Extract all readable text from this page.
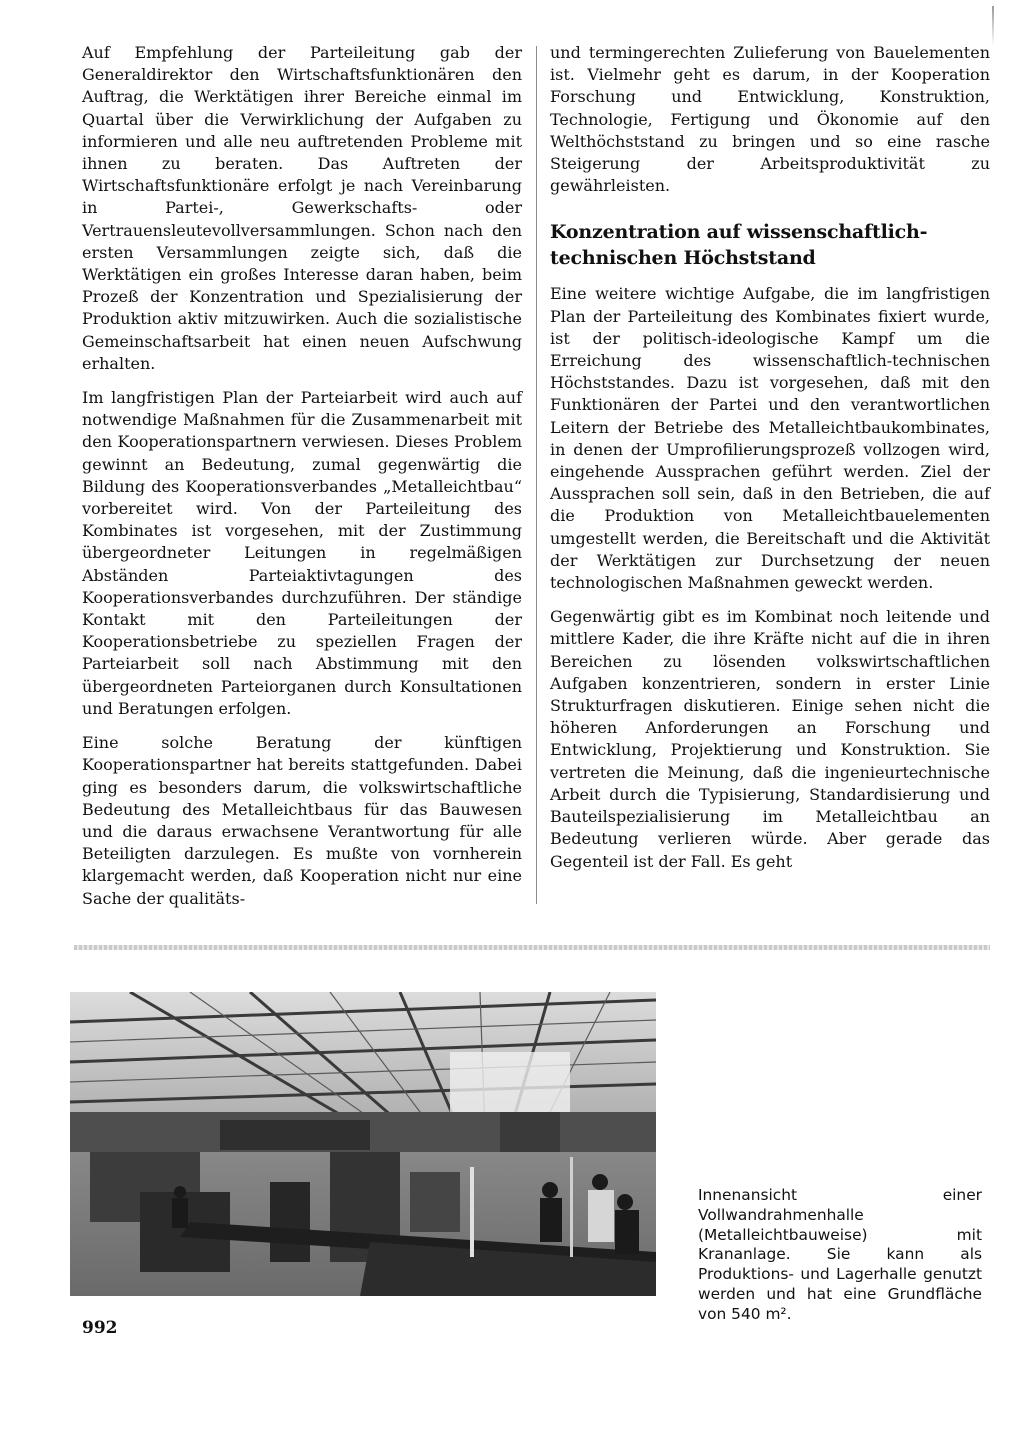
Auf Empfehlung der Parteileitung gab der Generaldirektor den Wirtschaftsfunktionären den Auftrag, die Werktätigen ihrer Bereiche einmal im Quartal über die Verwirklichung der Aufgaben zu informieren und alle neu auftretenden Probleme mit ihnen zu beraten. Das Auftreten der Wirtschaftsfunktionäre erfolgt je nach Vereinbarung in Partei-, Gewerkschafts- oder Vertrauensleutevollversammlungen. Schon nach den ersten Versammlungen zeigte sich, daß die Werktätigen ein großes Interesse daran haben, beim Prozeß der Konzentration und Spezialisierung der Produktion aktiv mitzuwirken. Auch die sozialistische Gemeinschaftsarbeit hat einen neuen Aufschwung erhalten.

Im langfristigen Plan der Parteiarbeit wird auch auf notwendige Maßnahmen für die Zusammenarbeit mit den Kooperationspartnern verwiesen. Dieses Problem gewinnt an Bedeutung, zumal gegenwärtig die Bildung des Kooperationsverbandes „Metalleichtbau“ vorbereitet wird. Von der Parteileitung des Kombinates ist vorgesehen, mit der Zustimmung übergeordneter Leitungen in regelmäßigen Abständen Parteiaktivtagungen des Kooperationsverbandes durchzuführen. Der ständige Kontakt mit den Parteileitungen der Kooperationsbetriebe zu speziellen Fragen der Parteiarbeit soll nach Abstimmung mit den übergeordneten Parteiorganen durch Konsultationen und Beratungen erfolgen.

Eine solche Beratung der künftigen Kooperationspartner hat bereits stattgefunden. Dabei ging es besonders darum, die volkswirtschaftliche Bedeutung des Metalleichtbaus für das Bauwesen und die daraus erwachsene Verantwortung für alle Beteiligten darzulegen. Es mußte von vornherein klargemacht werden, daß Kooperation nicht nur eine Sache der qualitäts-

und termingerechten Zulieferung von Bauelementen ist. Vielmehr geht es darum, in der Kooperation Forschung und Entwicklung, Konstruktion, Technologie, Fertigung und Ökonomie auf den Welthöchststand zu bringen und so eine rasche Steigerung der Arbeitsproduktivität zu gewährleisten.

Konzentration auf wissenschaftlich-technischen Höchststand

Eine weitere wichtige Aufgabe, die im langfristigen Plan der Parteileitung des Kombinates fixiert wurde, ist der politisch-ideologische Kampf um die Erreichung des wissenschaftlich-technischen Höchststandes. Dazu ist vorgesehen, daß mit den Funktionären der Partei und den verantwortlichen Leitern der Betriebe des Metalleichtbaukombinates, in denen der Umprofilierungsprozeß vollzogen wird, eingehende Aussprachen geführt werden. Ziel der Aussprachen soll sein, daß in den Betrieben, die auf die Produktion von Metalleichtbauelementen umgestellt werden, die Bereitschaft und die Aktivität der Werktätigen zur Durchsetzung der neuen technologischen Maßnahmen geweckt werden.

Gegenwärtig gibt es im Kombinat noch leitende und mittlere Kader, die ihre Kräfte nicht auf die in ihren Bereichen zu lösenden volkswirtschaftlichen Aufgaben konzentrieren, sondern in erster Linie Strukturfragen diskutieren. Einige sehen nicht die höheren Anforderungen an Forschung und Entwicklung, Projektierung und Konstruktion. Sie vertreten die Meinung, daß die ingenieurtechnische Arbeit durch die Typisierung, Standardisierung und Bauteilspezialisierung im Metalleichtbau an Bedeutung verlieren würde. Aber gerade das Gegenteil ist der Fall. Es geht

Innenansicht einer Vollwandrahmenhalle (Metalleichtbauweise) mit Krananlage. Sie kann als Produktions- und Lagerhalle genutzt werden und hat eine Grundfläche von 540 m².

992
